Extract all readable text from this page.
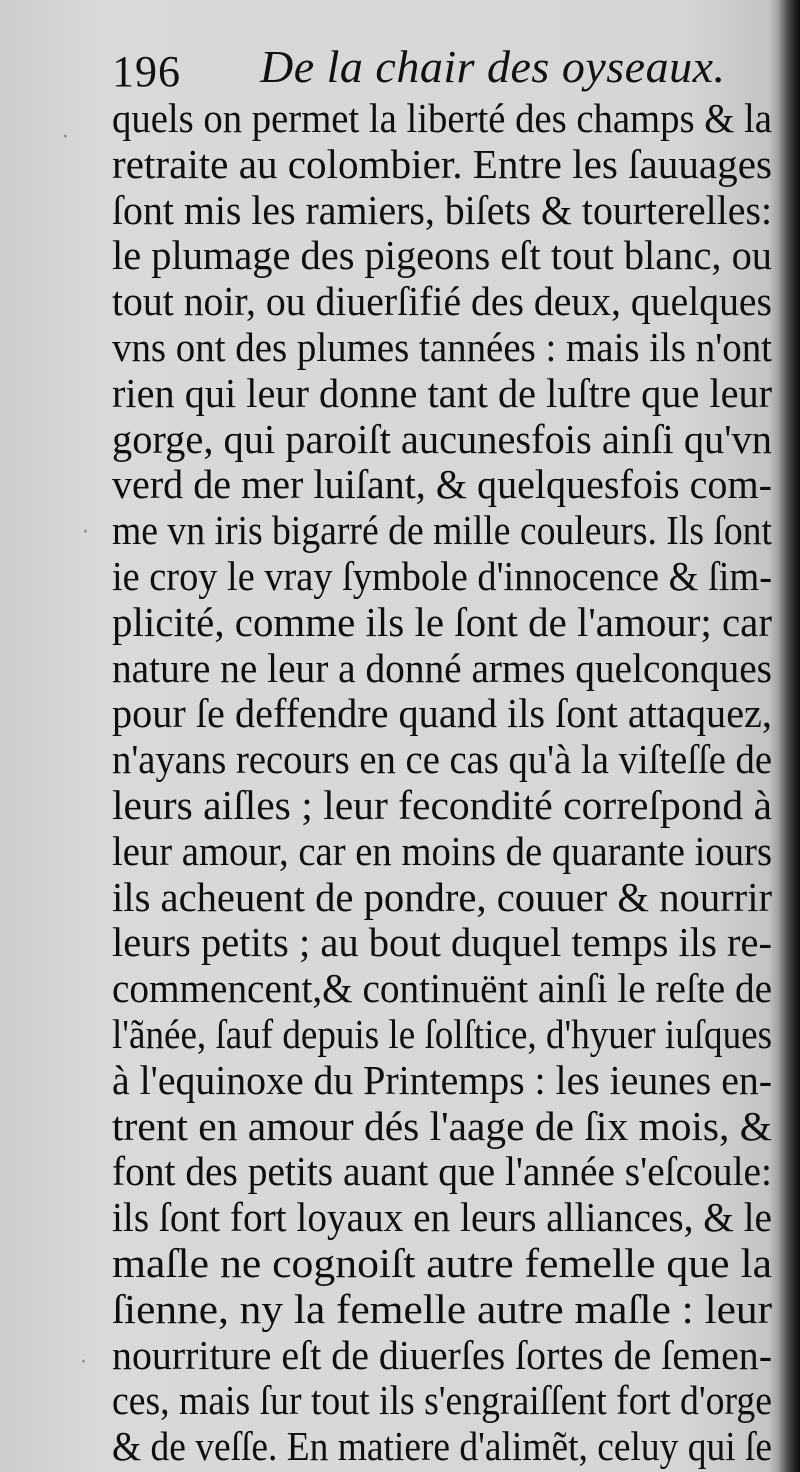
196 De la chair des oyseaux.
quels on permet la liberté des champs & la
retraite au colombier. Entre les ſauuages
ſont mis les ramiers, biſets & tourterelles:
le plumage des pigeons eſt tout blanc, ou
tout noir, ou diuerſifié des deux, quelques
vns ont des plumes tannées : mais ils n'ont
rien qui leur donne tant de luſtre que leur
gorge, qui paroiſt aucunesfois ainſi qu'vn
verd de mer luiſant, & quelquesfois com-
me vn iris bigarré de mille couleurs. Ils ſont
ie croy le vray ſymbole d'innocence & ſim-
plicité, comme ils le ſont de l'amour; car
nature ne leur a donné armes quelconques
pour ſe deffendre quand ils ſont attaquez,
n'ayans recours en ce cas qu'à la viſteſſe de
leurs aiſles ; leur fecondité correſpond à
leur amour, car en moins de quarante iours
ils acheuent de pondre, couuer & nourrir
leurs petits ; au bout duquel temps ils re-
commencent,& continuënt ainſi le reſte de
l'ãnée, ſauf depuis le ſolſtice, d'hyuer iuſques
à l'equinoxe du Printemps : les ieunes en-
trent en amour dés l'aage de ſix mois, &
font des petits auant que l'année s'eſcoule:
ils ſont fort loyaux en leurs alliances, & le
maſle ne cognoiſt autre femelle que la
ſienne, ny la femelle autre maſle : leur
nourriture eſt de diuerſes ſortes de ſemen-
ces, mais ſur tout ils s'engraiſſent fort d'orge
& de veſſe. En matiere d'alimẽt, celuy qui ſe
·
·
·
